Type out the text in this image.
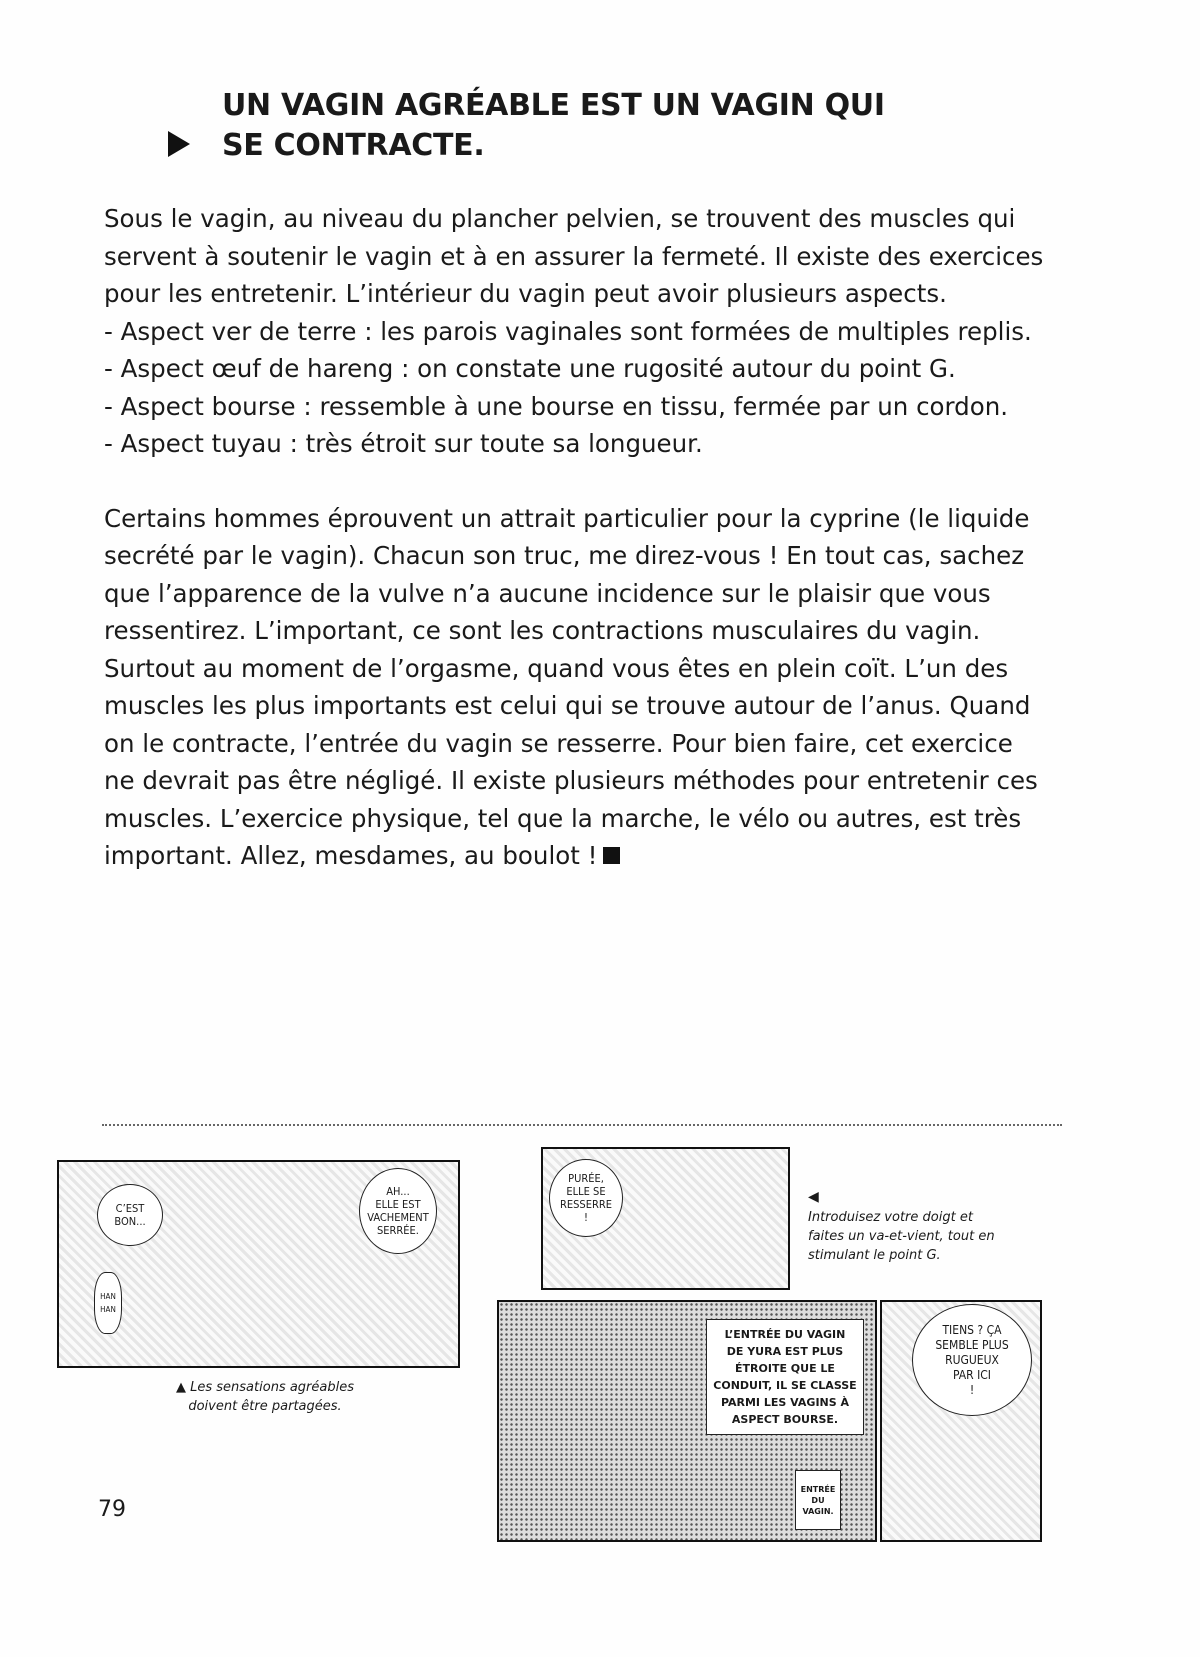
UN VAGIN AGRÉABLE EST UN VAGIN QUI
SE CONTRACTE.

Sous le vagin, au niveau du plancher pelvien, se trouvent des muscles qui

servent à soutenir le vagin et à en assurer la fermeté. Il existe des exercices

pour les entretenir. L’intérieur du vagin peut avoir plusieurs aspects.

- Aspect ver de terre : les parois vaginales sont formées de multiples replis.

- Aspect œuf de hareng : on constate une rugosité autour du point G.

- Aspect bourse : ressemble à une bourse en tissu, fermée par un cordon.

- Aspect tuyau : très étroit sur toute sa longueur.

Certains hommes éprouvent un attrait particulier pour la cyprine (le liquide

secrété par le vagin). Chacun son truc, me direz-vous ! En tout cas, sachez

que l’apparence de la vulve n’a aucune incidence sur le plaisir que vous

ressentirez. L’important, ce sont les contractions musculaires du vagin.

Surtout au moment de l’orgasme, quand vous êtes en plein coït. L’un des

muscles les plus importants est celui qui se trouve autour de l’anus. Quand

on le contracte, l’entrée du vagin se resserre. Pour bien faire, cet exercice

ne devrait pas être négligé. Il existe plusieurs méthodes pour entretenir ces

muscles. L’exercice physique, tel que la marche, le vélo ou autres, est très

important. Allez, mesdames, au boulot !

C’EST
BON...
AH...
ELLE EST
VACHEMENT
SERRÉE.
HAN HAN
▲ Les sensations agréables
doivent être partagées.
PURÉE,
ELLE SE
RESSERRE
!
◀
Introduisez votre doigt et
faites un va-et-vient, tout en
stimulant le point G.
L’ENTRÉE DU VAGIN
DE YURA EST PLUS
ÉTROITE QUE LE
CONDUIT, IL SE CLASSE
PARMI LES VAGINS À
ASPECT BOURSE.
ENTRÉE
DU
VAGIN.
TIENS ? ÇA
SEMBLE PLUS
RUGUEUX
PAR ICI
!
79
